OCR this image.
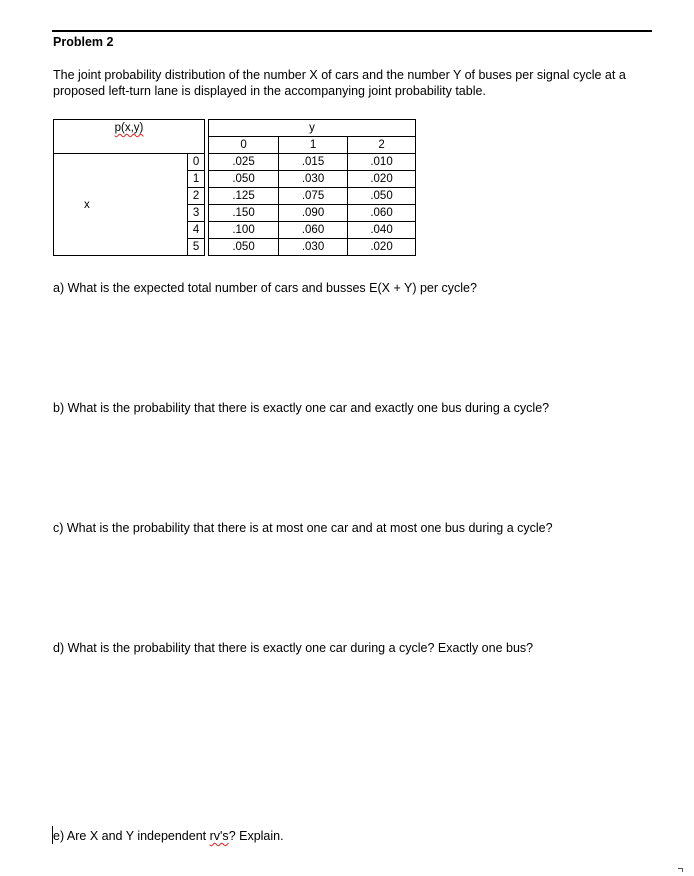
Problem 2
The joint probability distribution of the number X of cars and the number Y of buses per signal cycle at a
proposed left-turn lane is displayed in the accompanying joint probability table.
p(x,y)			y		
			0	1	2
x	0		.025	.015	.010
	1		.050	.030	.020
	2		.125	.075	.050
	3		.150	.090	.060
	4		.100	.060	.040
	5		.050	.030	.020
a) What is the expected total number of cars and busses E(X + Y) per cycle?
b) What is the probability that there is exactly one car and exactly one bus during a cycle?
c) What is the probability that there is at most one car and at most one bus during a cycle?
d) What is the probability that there is exactly one car during a cycle? Exactly one bus?
e) Are X and Y independent rv's? Explain.
